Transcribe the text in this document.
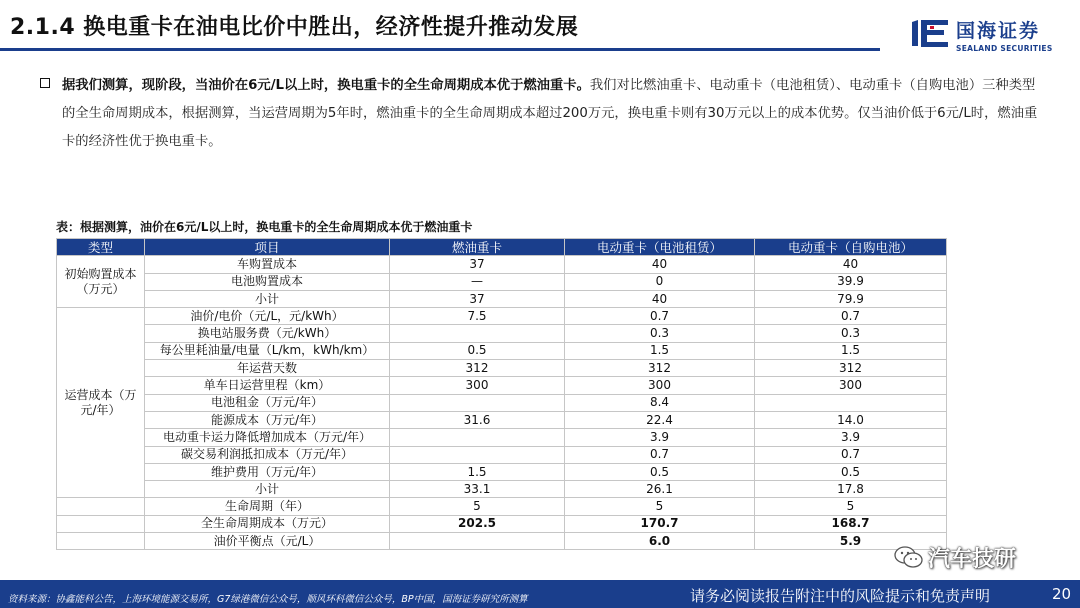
2.1.4 换电重卡在油电比价中胜出，经济性提升推动发展	国海证券
SEALAND SECURITIES
据我们测算，现阶段，当油价在6元/L以上时，换电重卡的全生命周期成本优于燃油重卡。我们对比燃油重卡、电动重卡（电池租赁）、电动重卡（自购电池）三种类型的全生命周期成本，根据测算，当运营周期为5年时，燃油重卡的全生命周期成本超过200万元，换电重卡则有30万元以上的成本优势。仅当油价低于6元/L时，燃油重卡的经济性优于换电重卡。
表：根据测算，油价在6元/L以上时，换电重卡的全生命周期成本优于燃油重卡
类型	项目	燃油重卡	电动重卡（电池租赁）	电动重卡（自购电池）
初始购置成本（万元）	车购置成本	37	40	40
	电池购置成本	—	0	39.9
	小计	37	40	79.9
运营成本（万元/年）	油价/电价（元/L，元/kWh）	7.5	0.7	0.7
	换电站服务费（元/kWh）		0.3	0.3
	每公里耗油量/电量（L/km，kWh/km）	0.5	1.5	1.5
	年运营天数	312	312	312
	单车日运营里程（km）	300	300	300
	电池租金（万元/年）		8.4	
	能源成本（万元/年）	31.6	22.4	14.0
	电动重卡运力降低增加成本（万元/年）		3.9	3.9
	碳交易利润抵扣成本（万元/年）		0.7	0.7
	维护费用（万元/年）	1.5	0.5	0.5
	小计	33.1	26.1	17.8
	生命周期（年）	5	5	5
	全生命周期成本（万元）	202.5	170.7	168.7
	油价平衡点（元/L）		6.0	5.9
汽车技研
资料来源：协鑫能科公告，上海环境能源交易所，G7绿港微信公众号，顺风环科微信公众号，BP中国，国海证券研究所测算	请务必阅读报告附注中的风险提示和免责声明	20
